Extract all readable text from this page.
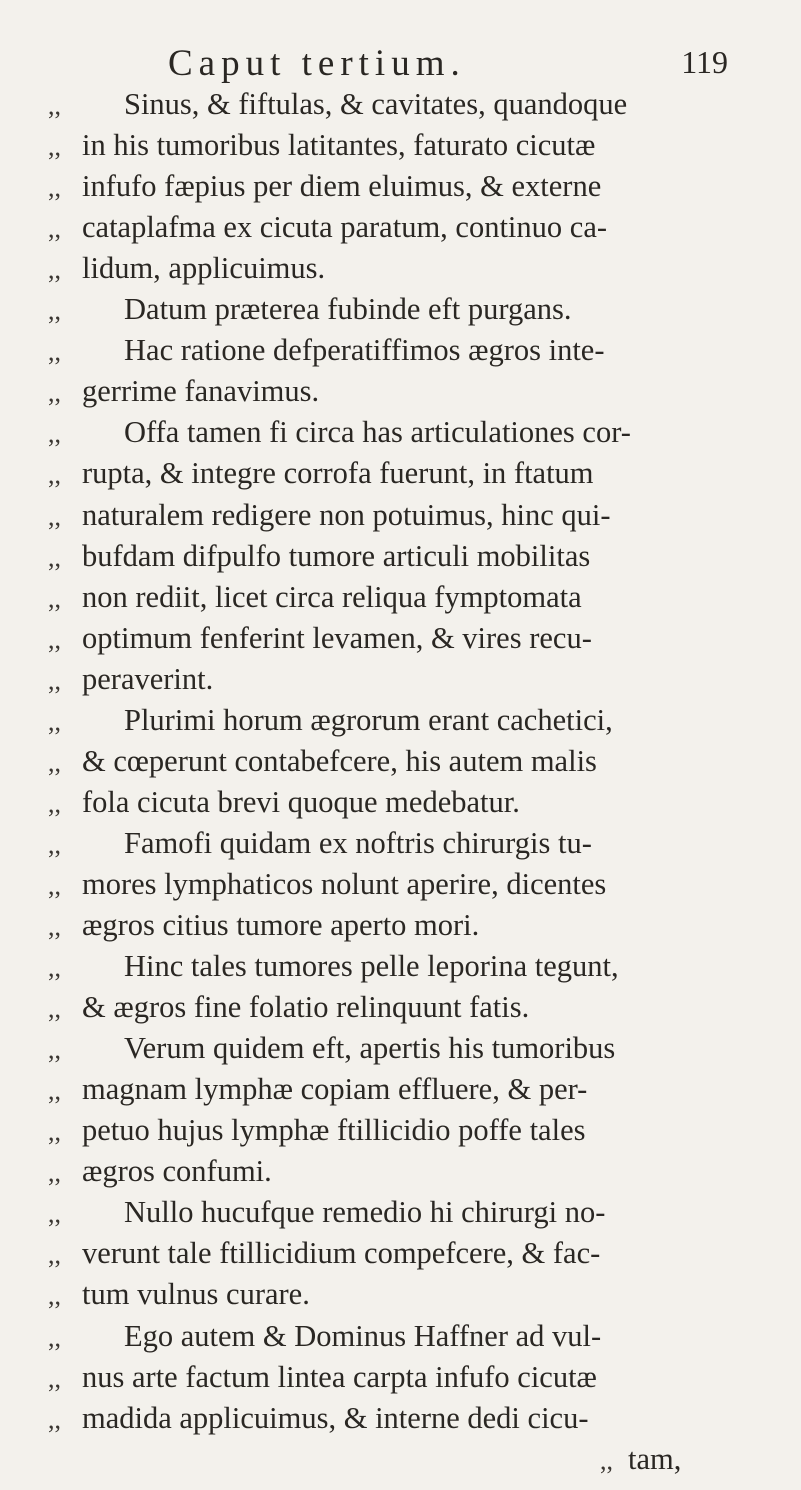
Caput tertium.	119
,, Sinus, & fiftulas, & cavitates, quandoque
,, in his tumoribus latitantes, faturato cicutæ
,, infufo fæpius per diem eluimus, & externe
,, cataplafma ex cicuta paratum, continuo ca-
,, lidum, applicuimus.
,, Datum præterea fubinde eft purgans.
,, Hac ratione defperatiffimos ægros inte-
,, gerrime fanavimus.
,, Offa tamen fi circa has articulationes cor-
,, rupta, & integre corrofa fuerunt, in ftatum
,, naturalem redigere non potuimus, hinc qui-
,, bufdam difpulfo tumore articuli mobilitas
,, non rediit, licet circa reliqua fymptomata
,, optimum fenferint levamen, & vires recu-
,, peraverint.
,, Plurimi horum ægrorum erant cachetici,
,, & cœperunt contabefcere, his autem malis
,, fola cicuta brevi quoque medebatur.
,, Famofi quidam ex noftris chirurgis tu-
,, mores lymphaticos nolunt aperire, dicentes
,, ægros citius tumore aperto mori.
,, Hinc tales tumores pelle leporina tegunt,
,, & ægros fine folatio relinquunt fatis.
,, Verum quidem eft, apertis his tumoribus
,, magnam lymphæ copiam effluere, & per-
,, petuo hujus lymphæ ftillicidio poffe tales
,, ægros confumi.
,, Nullo hucufque remedio hi chirurgi no-
,, verunt tale ftillicidium compefcere, & fac-
,, tum vulnus curare.
,, Ego autem & Dominus Haffner ad vul-
,, nus arte factum lintea carpta infufo cicutæ
,, madida applicuimus, & interne dedi cicu-
,, tam,
